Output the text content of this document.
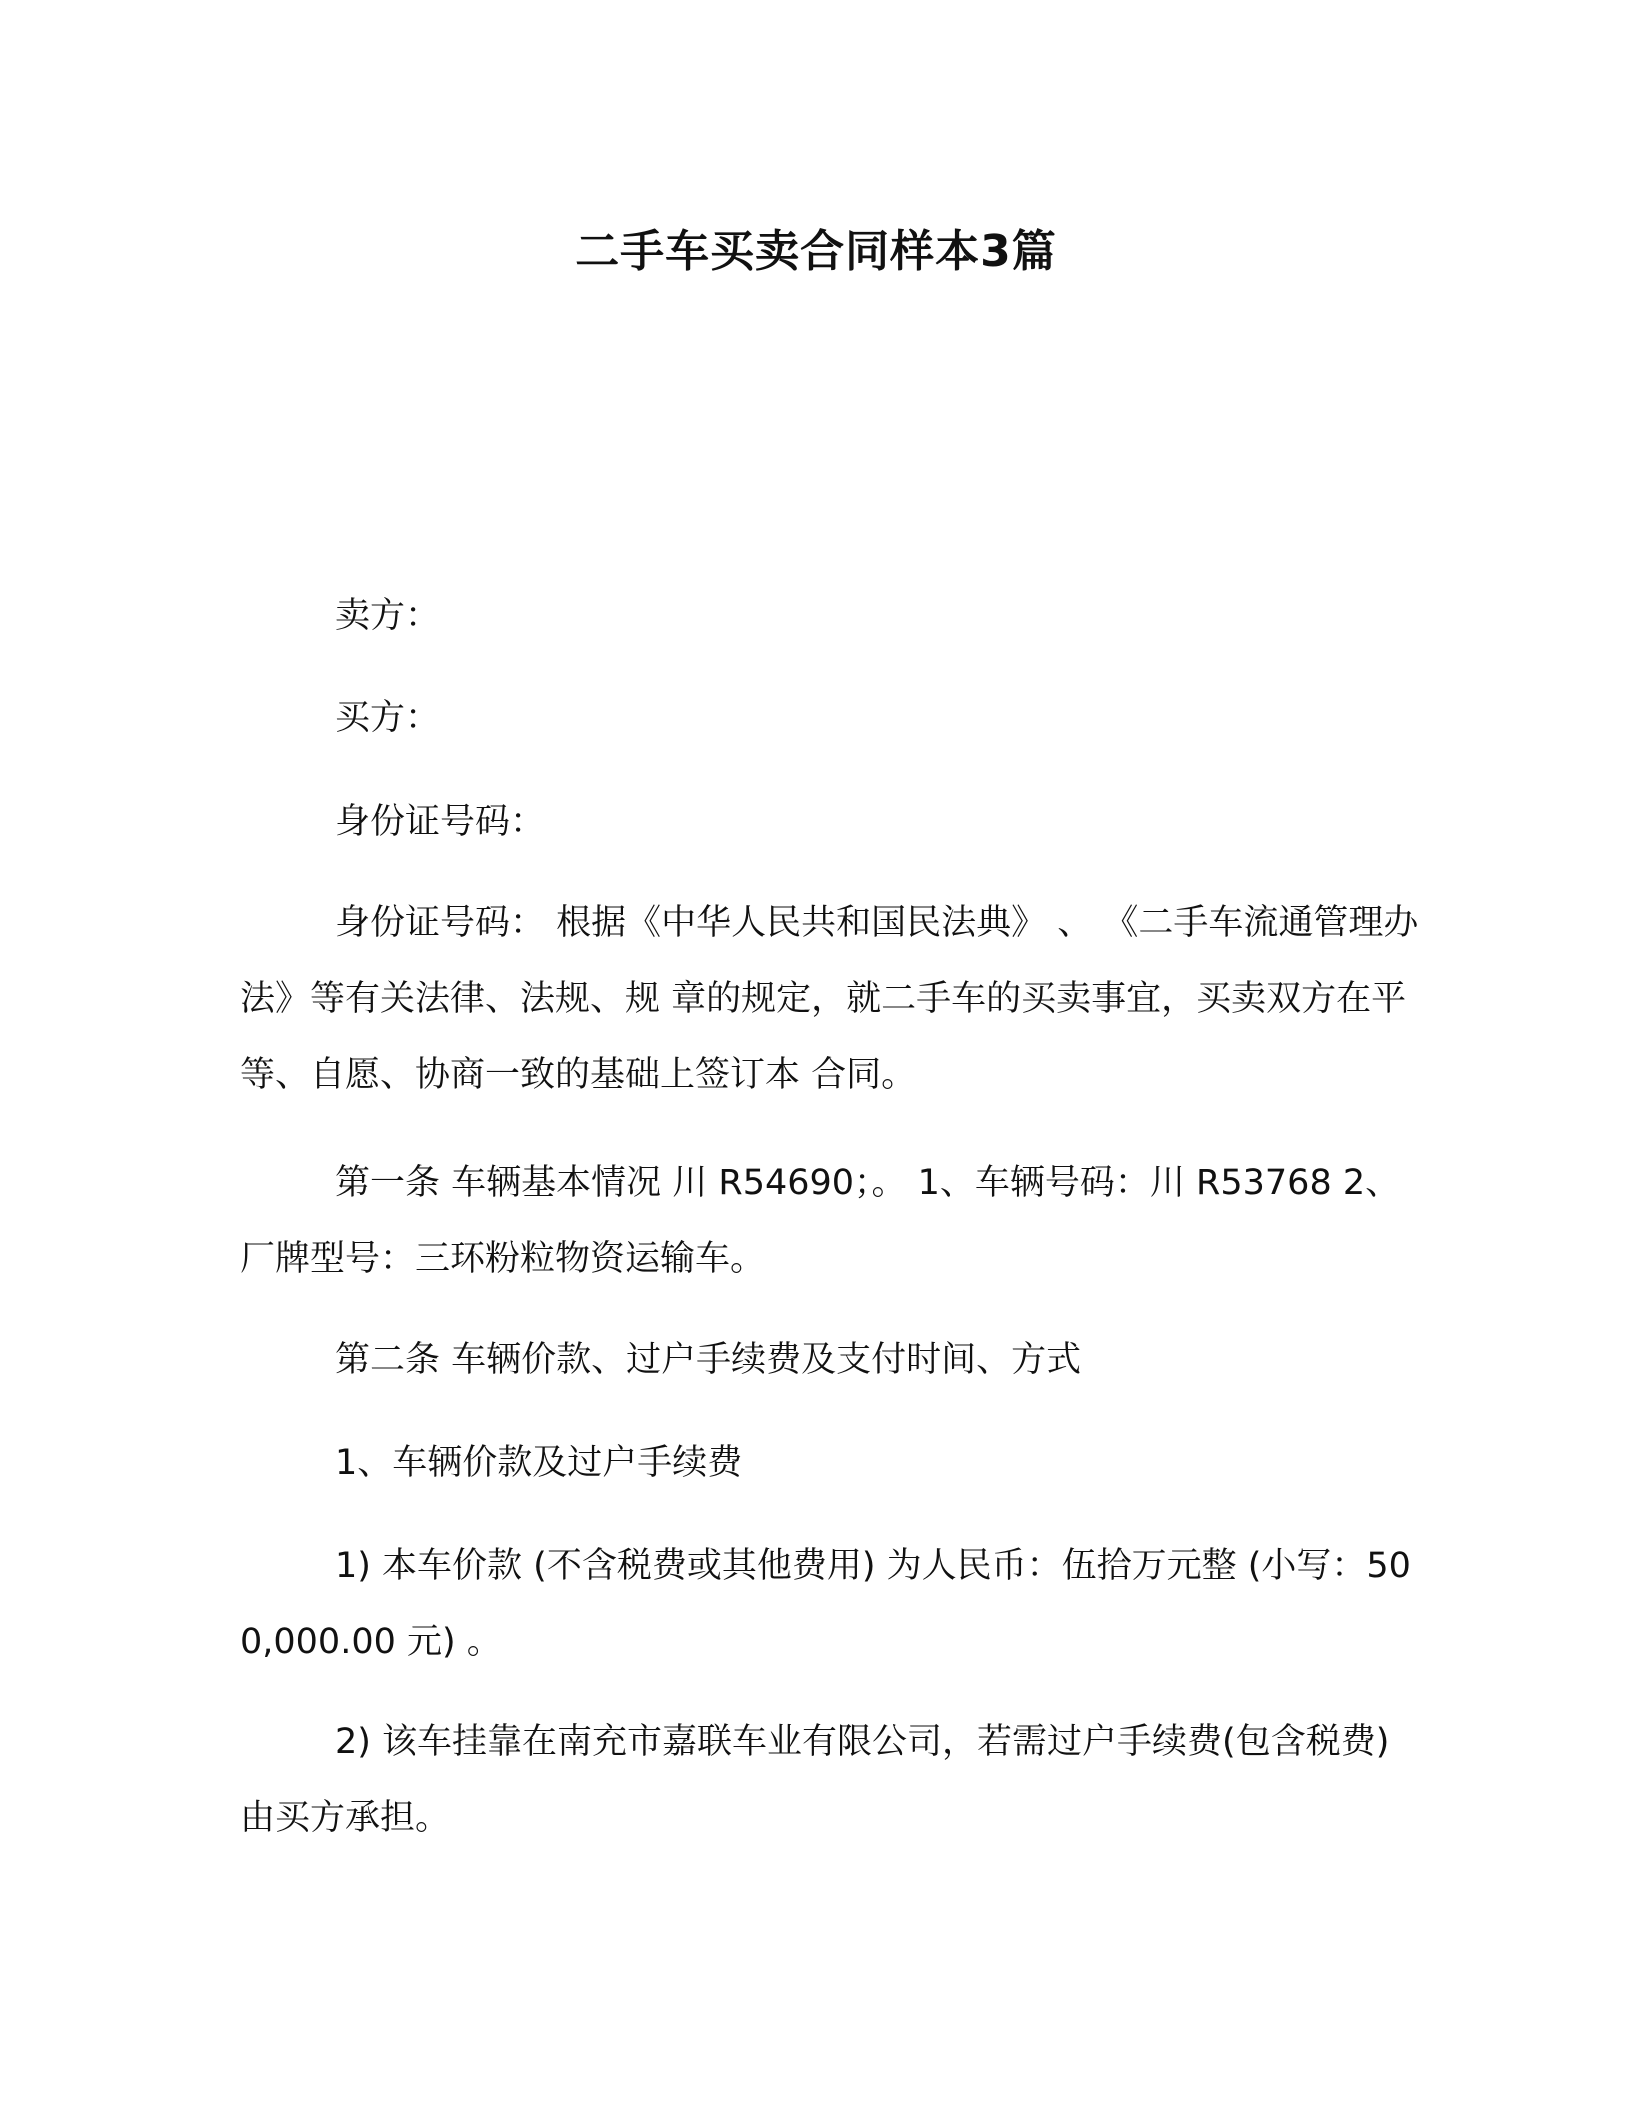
二手车买卖合同样本3篇

卖方：

买方：

身份证号码：

身份证号码： 根据《中华人民共和国民法典》 、 《二手车流通管理办法》等有关法律、法规、规 章的规定，就二手车的买卖事宜，买卖双方在平等、自愿、协商一致的基础上签订本 合同。

第一条 车辆基本情况 川 R54690；。 1、车辆号码：川 R53768 2、厂牌型号：三环粉粒物资运输车。

第二条 车辆价款、过户手续费及支付时间、方式

1、车辆价款及过户手续费

1) 本车价款 (不含税费或其他费用) 为人民币：伍拾万元整 (小写：500,000.00 元) 。

2) 该车挂靠在南充市嘉联车业有限公司，若需过户手续费(包含税费)由买方承担。
